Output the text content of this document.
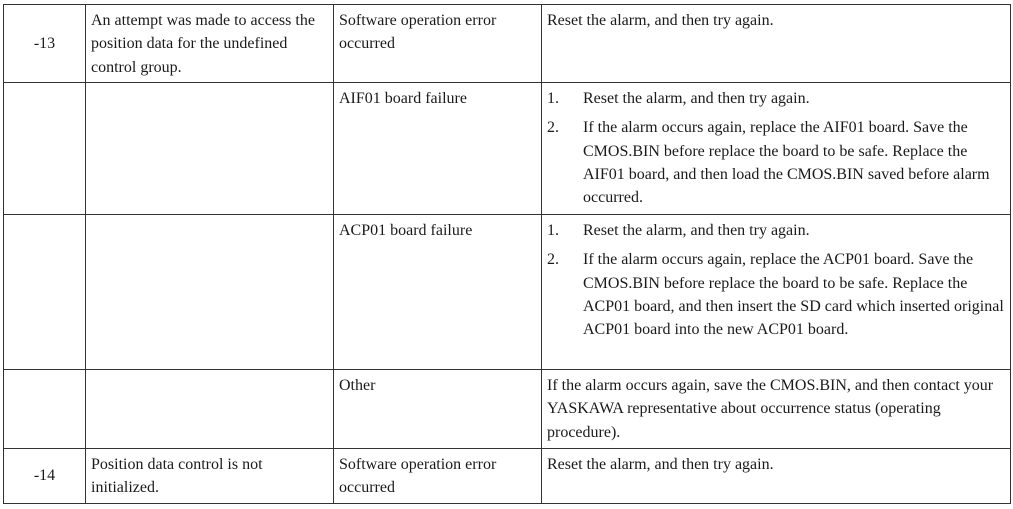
-13	An attempt was made to access the position data for the undefined control group.	Software operation error occurred	Reset the alarm, and then try again.
		AIF01 board failure	1. Reset the alarm, and then try again.
2. If the alarm occurs again, replace the AIF01 board. Save the CMOS.BIN before replace the board to be safe. Replace the AIF01 board, and then load the CMOS.BIN saved before alarm occurred.

		ACP01 board failure	1. Reset the alarm, and then try again.
2. If the alarm occurs again, replace the ACP01 board. Save the CMOS.BIN before replace the board to be safe. Replace the ACP01 board, and then insert the SD card which inserted original ACP01 board into the new ACP01 board.

		Other	If the alarm occurs again, save the CMOS.BIN, and then contact your YASKAWA representative about occurrence status (operating procedure).
-14	Position data control is not initialized.	Software operation error occurred	Reset the alarm, and then try again.
